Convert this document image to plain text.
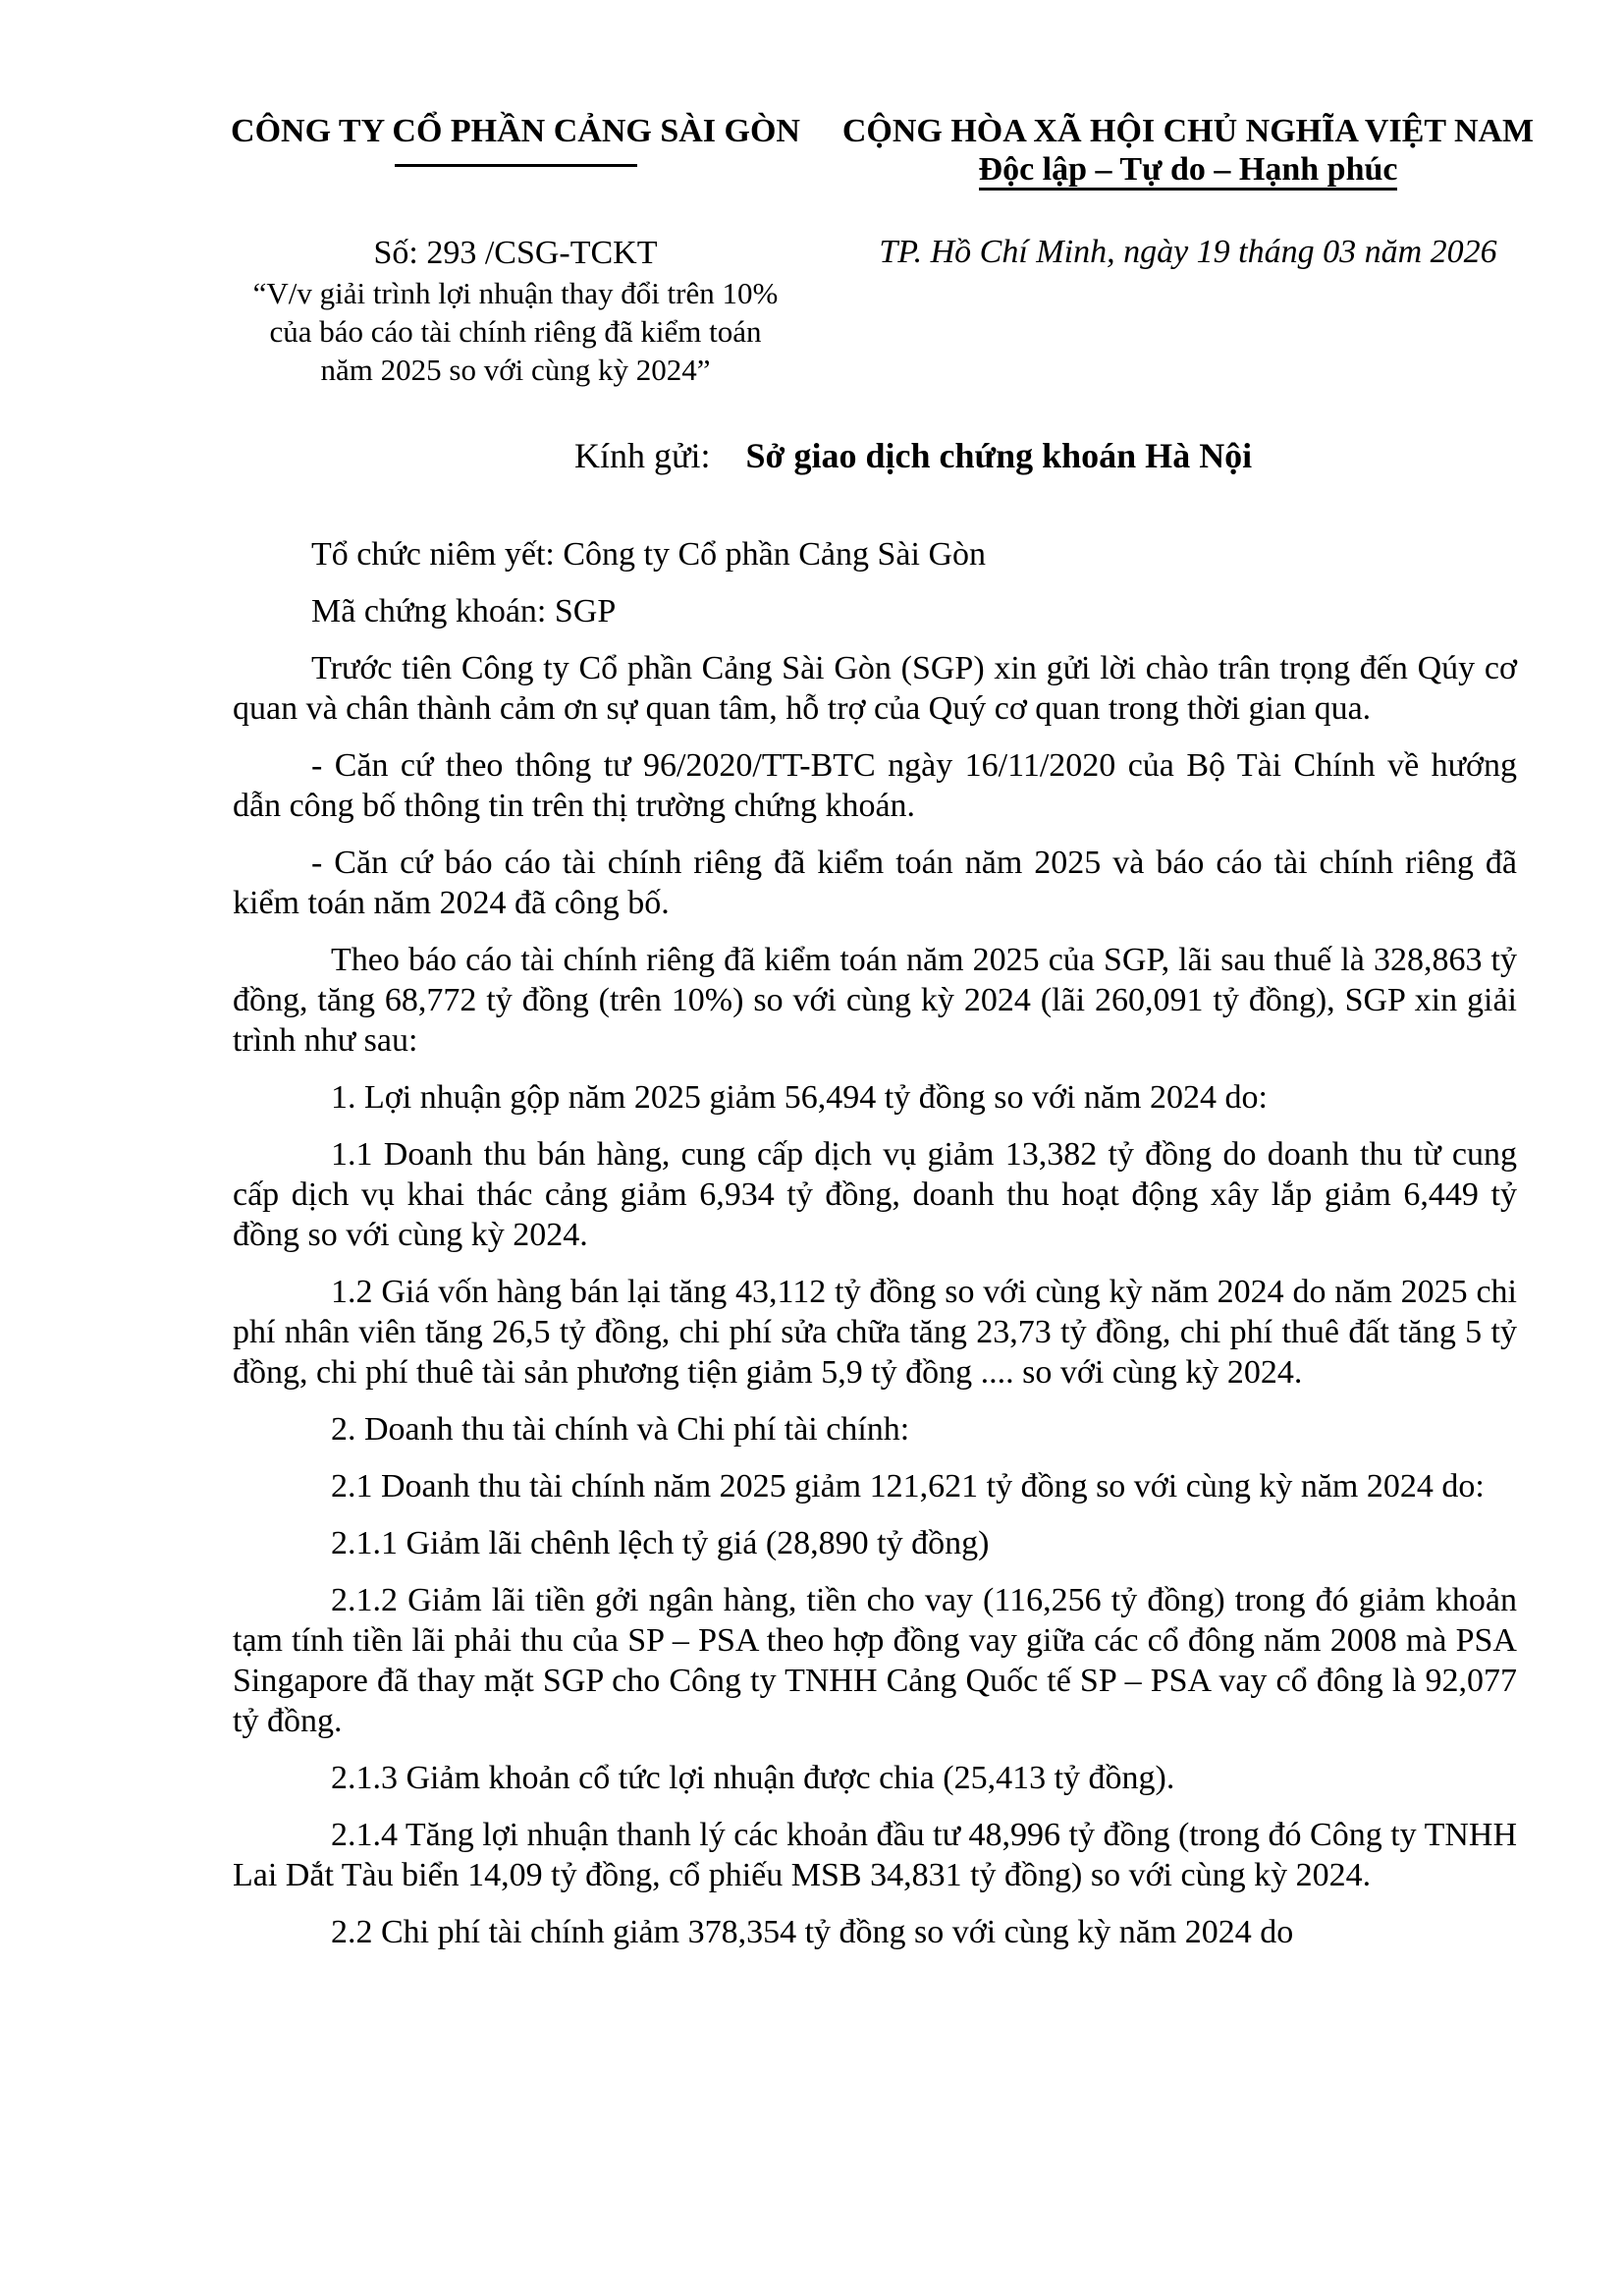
CÔNG TY CỔ PHẦN CẢNG SÀI GÒN	CỘNG HÒA XÃ HỘI CHỦ NGHĨA VIỆT NAM
Độc lập – Tự do – Hạnh phúc
Số: 293 /CSG-TCKT
“V/v giải trình lợi nhuận thay đổi trên 10%
của báo cáo tài chính riêng đã kiểm toán
năm 2025 so với cùng kỳ 2024”
TP. Hồ Chí Minh, ngày 19 tháng 03 năm 2026
Kính gửi: Sở giao dịch chứng khoán Hà Nội

Tổ chức niêm yết: Công ty Cổ phần Cảng Sài Gòn

Mã chứng khoán: SGP

Trước tiên Công ty Cổ phần Cảng Sài Gòn (SGP) xin gửi lời chào trân trọng đến Qúy cơ quan và chân thành cảm ơn sự quan tâm, hỗ trợ của Quý cơ quan trong thời gian qua.

- Căn cứ theo thông tư 96/2020/TT-BTC ngày 16/11/2020 của Bộ Tài Chính về hướng dẫn công bố thông tin trên thị trường chứng khoán.

- Căn cứ báo cáo tài chính riêng đã kiểm toán năm 2025 và báo cáo tài chính riêng đã kiểm toán năm 2024 đã công bố.

Theo báo cáo tài chính riêng đã kiểm toán năm 2025 của SGP, lãi sau thuế là 328,863 tỷ đồng, tăng 68,772 tỷ đồng (trên 10%) so với cùng kỳ 2024 (lãi 260,091 tỷ đồng), SGP xin giải trình như sau:

1. Lợi nhuận gộp năm 2025 giảm 56,494 tỷ đồng so với năm 2024 do:

1.1 Doanh thu bán hàng, cung cấp dịch vụ giảm 13,382 tỷ đồng do doanh thu từ cung cấp dịch vụ khai thác cảng giảm 6,934 tỷ đồng, doanh thu hoạt động xây lắp giảm 6,449 tỷ đồng so với cùng kỳ 2024.

1.2 Giá vốn hàng bán lại tăng 43,112 tỷ đồng so với cùng kỳ năm 2024 do năm 2025 chi phí nhân viên tăng 26,5 tỷ đồng, chi phí sửa chữa tăng 23,73 tỷ đồng, chi phí thuê đất tăng 5 tỷ đồng, chi phí thuê tài sản phương tiện giảm 5,9 tỷ đồng .... so với cùng kỳ 2024.

2. Doanh thu tài chính và Chi phí tài chính:

2.1 Doanh thu tài chính năm 2025 giảm 121,621 tỷ đồng so với cùng kỳ năm 2024 do:

2.1.1 Giảm lãi chênh lệch tỷ giá (28,890 tỷ đồng)

2.1.2 Giảm lãi tiền gởi ngân hàng, tiền cho vay (116,256 tỷ đồng) trong đó giảm khoản tạm tính tiền lãi phải thu của SP – PSA theo hợp đồng vay giữa các cổ đông năm 2008 mà PSA Singapore đã thay mặt SGP cho Công ty TNHH Cảng Quốc tế SP – PSA vay cổ đông là 92,077 tỷ đồng.

2.1.3 Giảm khoản cổ tức lợi nhuận được chia (25,413 tỷ đồng).

2.1.4 Tăng lợi nhuận thanh lý các khoản đầu tư 48,996 tỷ đồng (trong đó Công ty TNHH Lai Dắt Tàu biển 14,09 tỷ đồng, cổ phiếu MSB 34,831 tỷ đồng) so với cùng kỳ 2024.

2.2 Chi phí tài chính giảm 378,354 tỷ đồng so với cùng kỳ năm 2024 do
